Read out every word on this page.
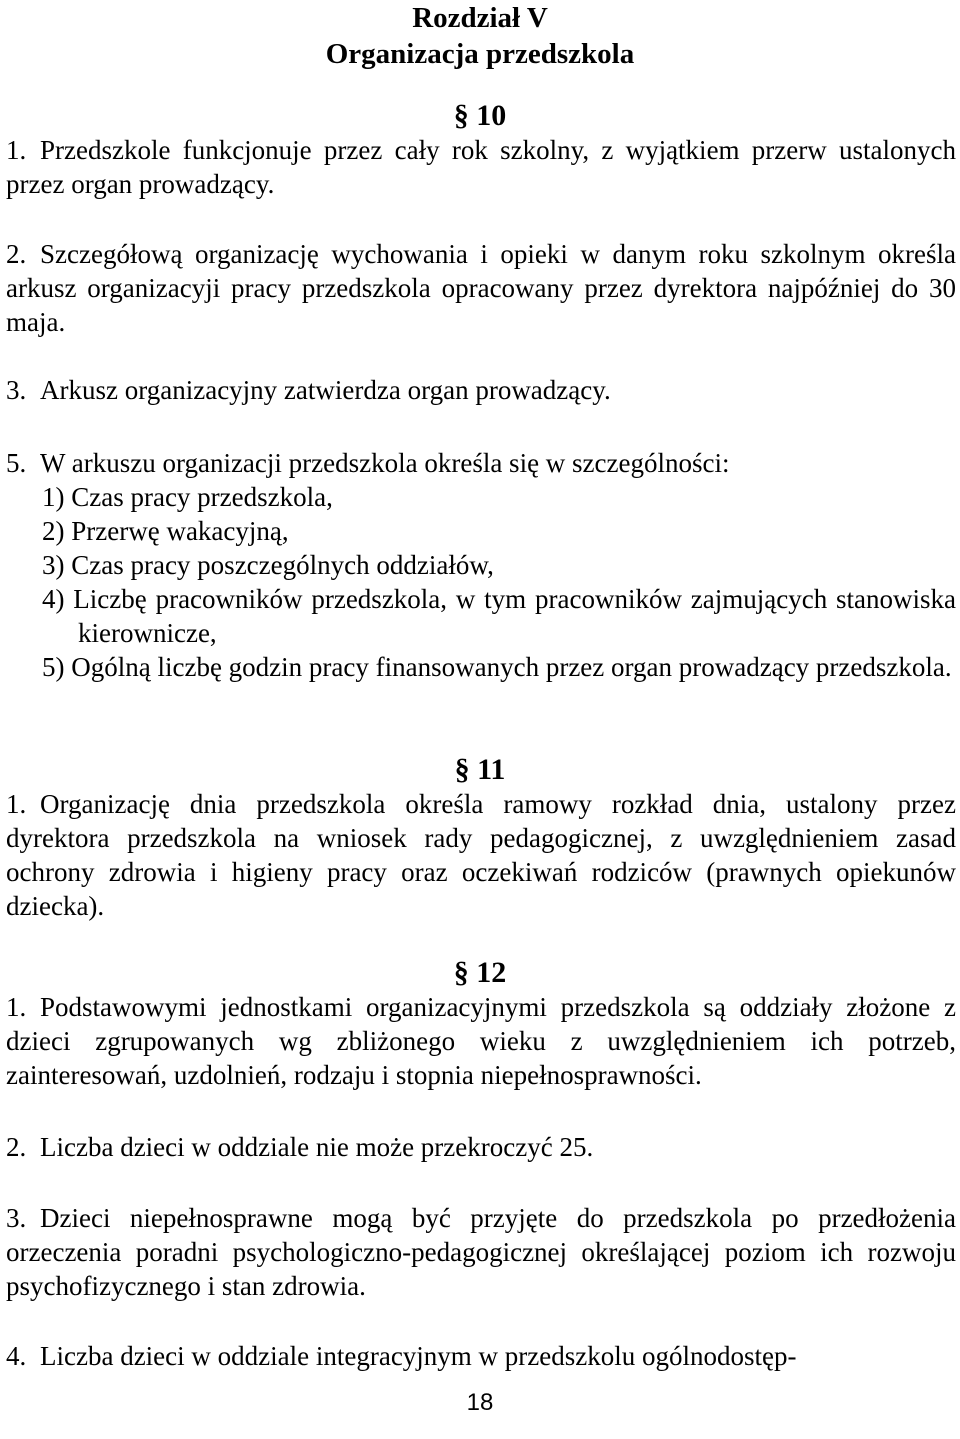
Rozdział V
Organizacja przedszkola
§ 10
1. Przedszkole funkcjonuje przez cały rok szkolny, z wyjątkiem przerw ustalonych przez organ prowadzący.
2. Szczegółową organizację wychowania i opieki w danym roku szkolnym określa arkusz organizacyji pracy przedszkola opracowany przez dyrektora najpóźniej do 30 maja.
3. Arkusz organizacyjny zatwierdza organ prowadzący.
5. W arkuszu organizacji przedszkola określa się w szczególności:
1) Czas pracy przedszkola,
2) Przerwę wakacyjną,
3) Czas pracy poszczególnych oddziałów,
4) Liczbę pracowników przedszkola, w tym pracowników zajmujących stanowiska kierownicze,
5) Ogólną liczbę godzin pracy finansowanych przez organ prowadzący przedszkola.
§ 11
1. Organizację dnia przedszkola określa ramowy rozkład dnia, ustalony przez dyrektora przedszkola na wniosek rady pedagogicznej, z uwzględnieniem zasad ochrony zdrowia i higieny pracy oraz oczekiwań rodziców (prawnych opiekunów dziecka).
§ 12
1. Podstawowymi jednostkami organizacyjnymi przedszkola są oddziały złożone z dzieci zgrupowanych wg zbliżonego wieku z uwzględnieniem ich potrzeb, zainteresowań, uzdolnień, rodzaju i stopnia niepełnosprawności.
2. Liczba dzieci w oddziale nie może przekroczyć 25.
3. Dzieci niepełnosprawne mogą być przyjęte do przedszkola po przedłożenia orzeczenia poradni psychologiczno-pedagogicznej określającej poziom ich rozwoju psychofizycznego i stan zdrowia.
4. Liczba dzieci w oddziale integracyjnym w przedszkolu ogólnodostęp-
18
